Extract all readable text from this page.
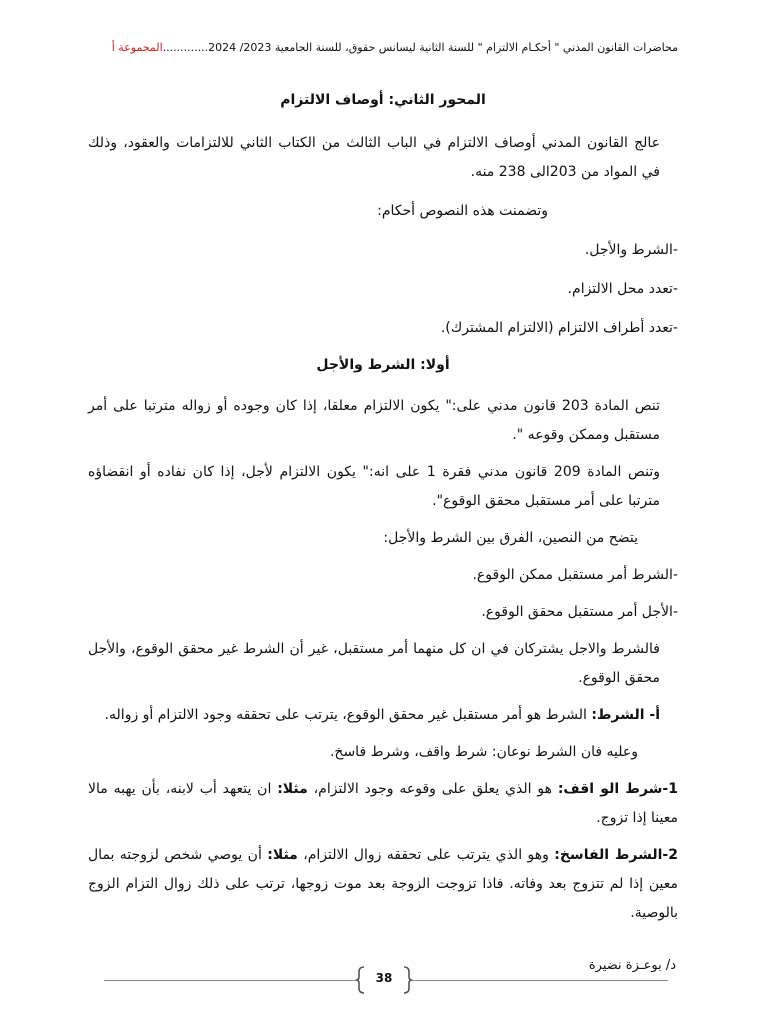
محاضرات القانون المدني " أحكـام الالتزام " للسنة الثانية ليسانس حقوق، للسنة الجامعية 2023/ 2024.............المجموعة أ

المحور الثاني: أوصاف الالتزام

عالج القانون المدني أوصاف الالتزام في الباب الثالث من الكتاب الثاني للالتزامات والعقود، وذلك في المواد من 203الى 238 منه.

وتضمنت هذه النصوص أحكام:

-الشرط والأجل.

-تعدد محل الالتزام.

-تعدد أطراف الالتزام (الالتزام المشترك).

أولا: الشرط والأجل

تنص المادة 203 قانون مدني على:" يكون الالتزام معلقا، إذا كان وجوده أو زواله مترتبا على أمر مستقبل وممكن وقوعه ".

وتنص المادة 209 قانون مدني فقرة 1 على انه:" يكون الالتزام لأجل، إذا كان نفاده أو انقضاؤه مترتبا على أمر مستقبل محقق الوقوع".

يتضح من النصين، الفرق بين الشرط والأجل:

-الشرط أمر مستقبل ممكن الوقوع.

-الأجل أمر مستقبل محقق الوقوع.

فالشرط والاجل يشتركان في ان كل منهما أمر مستقبل، غير أن الشرط غير محقق الوقوع، والأجل محقق الوقوع.

أ- الشرط: الشرط هو أمر مستقبل غير محقق الوقوع، يترتب على تحققه وجود الالتزام أو زواله.

وعليه فان الشرط نوعان: شرط واقف، وشرط فاسخ.

1-شرط الو اقف: هو الذي يعلق على وقوعه وجود الالتزام، مثلا: ان يتعهد أب لابنه، بأن يهبه مالا معينا إذا تزوج.

2-الشرط الفاسخ: وهو الذي يترتب على تحققه زوال الالتزام، مثلا: أن يوصي شخص لزوجته بمال معين إذا لم تتزوج بعد وفاته. فاذا تزوجت الزوجة بعد موت زوجها، ترتب على ذلك زوال التزام الزوج بالوصية.

د/ بوعـزة نضيرة
38
